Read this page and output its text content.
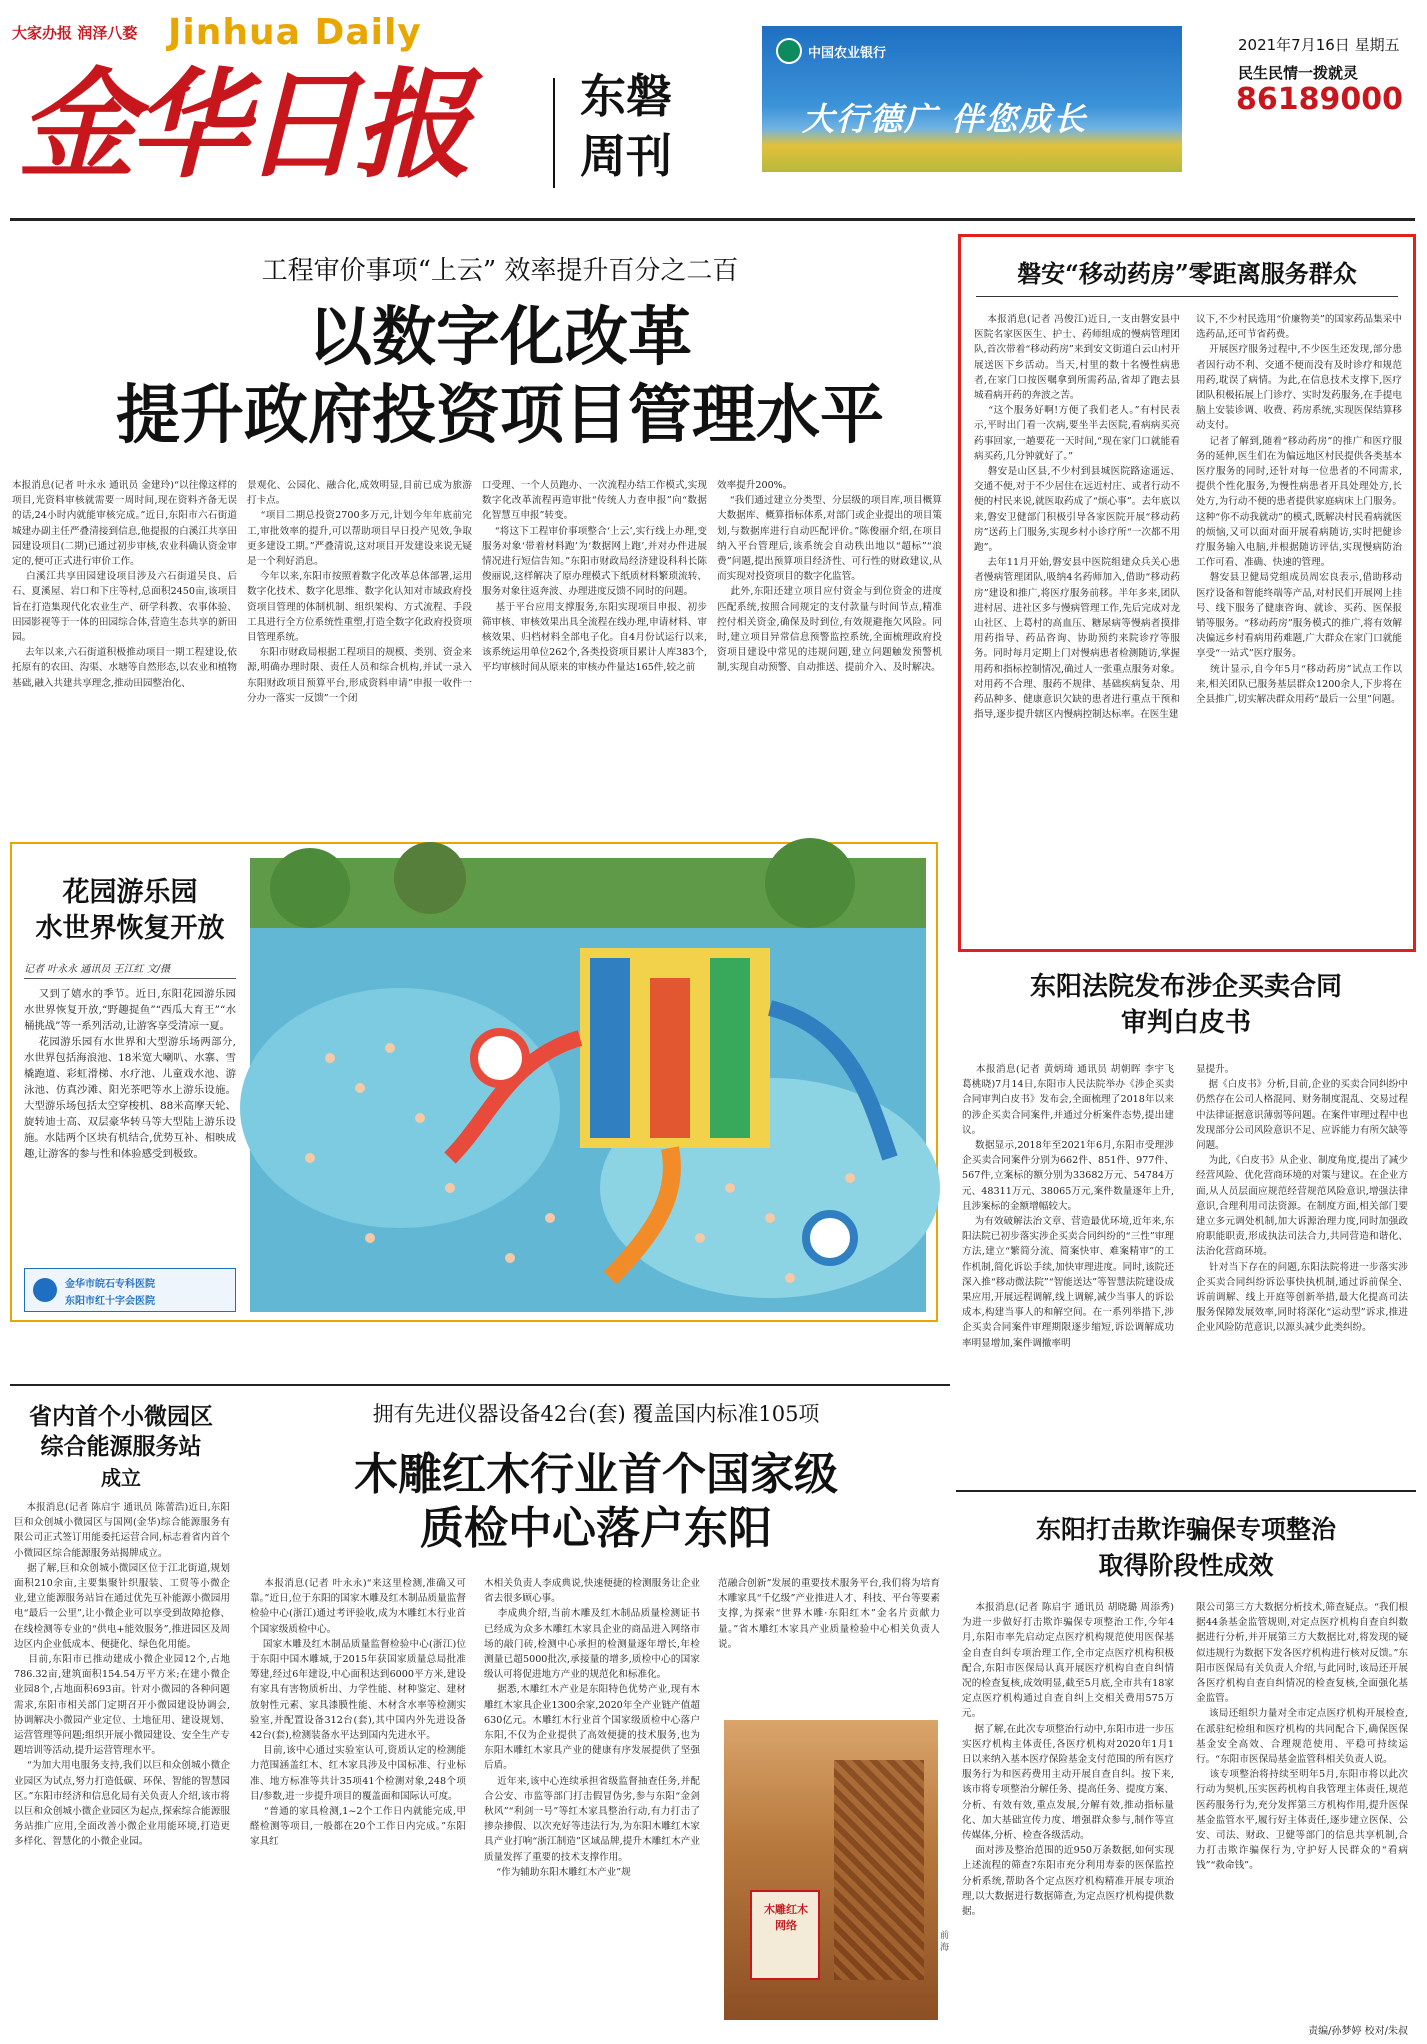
大家办报 润泽八婺 Jinhua Daily
金华日报 东磐
周刊
中国农业银行
大行德广 伴您成长
2021年7月16日 星期五
民生民情一拨就灵
86189000
工程审价事项“上云” 效率提升百分之二百
以数字化改革
提升政府投资项目管理水平
本报消息(记者 叶永永 通讯员 金建玲)“以往像这样的项目,光资料审核就需要一周时间,现在资料齐备无误的话,24小时内就能审核完成。”近日,东阳市六石街道城建办副主任严叠清接到信息,他提报的白溪江共享田园建设项目(二期)已通过初步审核,农业科确认资金审定的,便可正式进行审价工作。
白溪江共享田园建设项目涉及六石街道吴良、后石、夏溪屋、岩口和下庄等村,总面积2450亩,该项目旨在打造集现代化农业生产、研学科教、农事体验、田园影视等于一体的田园综合体,营造生态共享的新田园。
去年以来,六石街道积极推动项目一期工程建设,依托原有的农田、沟渠、水塘等自然形态,以农业和植物基础,融入共建共享理念,推动田园整治化、
景观化、公园化、融合化,成效明显,目前已成为旅游打卡点。
“项目二期总投资2700多万元,计划今年年底前完工,审批效率的提升,可以帮助项目早日投产见效,争取更多建设工期。”严叠清说,这对项目开发建设来说无疑是一个利好消息。
今年以来,东阳市按照着数字化改革总体部署,运用数字化技术、数字化思维、数字化认知对市域政府投资项目管理的体制机制、组织架构、方式流程、手段工具进行全方位系统性重塑,打造全数字化政府投资项目管理系统。
东阳市财政局根据工程项目的规模、类别、资金来源,明确办理时限、责任人员和综合机构,并试一录入东阳财政项目预算平台,形成资料申请”申报一收件一分办一落实一反馈”一个闭
口受理、一个人员跑办、一次流程办结工作模式,实现数字化改革流程再造审批“传统人力查申报”向“数据化智慧互申报”转变。
“将这下工程审价事项整合‘上云’,实行线上办理,变服务对象‘带着材料跑’为‘数据网上跑’,并对办件进展情况进行短信告知。”东阳市财政局经济建设科科长陈俊丽说,这样解决了原办理模式下纸质材料繁琐流转、服务对象往返奔波、办理进度反馈不同时的问题。
基于平台应用支撑服务,东阳实现项目申报、初步筛审核、审核效果出具全流程在线办理,申请材料、审核效果、归档材料全部电子化。自4月份试运行以来,该系统运用单位262个,各类投资项目累计人库383个,平均审核时间从原来的审核办件量达165件,较之前
效率提升200%。
“我们通过建立分类型、分层级的项目库,项目概算大数据库、概算指标体系,对部门或企业提出的项目策划,与数据库进行自动匹配评价。”陈俊丽介绍,在项目纳入平台管理后,该系统会自动秩出地以“超标”“浪费”问题,提出预算项目经济性、可行性的财政建议,从而实现对投资项目的数字化监管。
此外,东阳还建立项目应付资金与到位资金的进度匹配系统,按照合同规定的支付款量与时间节点,精准控付相关资金,确保及时到位,有效规避拖欠风险。同时,建立项目异常信息预警监控系统,全面梳理政府投资项目建设中常见的违规问题,建立问题触发预警机制,实现自动预警、自动推送、提前介入、及时解决。
花园游乐园
水世界恢复开放
记者 叶永永 通讯员 王江红 文/摄
又到了嬉水的季节。近日,东阳花园游乐园水世界恢复开放,“野趣捉鱼”“西瓜大育王”“水桶挑战”等一系列活动,让游客享受清凉一夏。
花园游乐园有水世界和大型游乐场两部分,水世界包括海浪池、18米宽大喇叭、水寨、雪橇跑道、彩虹滑梯、水疗池、儿童戏水池、游泳池、仿真沙滩、阳光茶吧等水上游乐设施。大型游乐场包括太空穿梭机、88米高摩天轮、旋转迪士高、双层豪华转马等大型陆上游乐设施。水陆两个区块有机结合,优势互补、相映成趣,让游客的参与性和体验感受到极致。
金华市皖石专科医院
东阳市红十字会医院
磐安“移动药房”零距离服务群众
本报消息(记者 冯俊江)近日,一支由磐安县中医院名家医医生、护士、药师组成的慢病管理团队,首次带着“移动药房”来到安文街道白云山村开展送医下乡活动。当天,村里的数十名慢性病患者,在家门口按医嘱拿到所需药品,省却了跑去县城看病开药的奔波之苦。
“这个服务好啊!方便了我们老人。”有村民表示,平时出门看一次病,要坐半去医院,看病病买亮药事回家,一趟要花一天时间,“现在家门口就能看病买药,几分钟就好了。”
磐安是山区县,不少村到县城医院路途遥远、交通不便,对于不少居住在远近村庄、或者行动不便的村民来说,就医取药成了“烦心事”。去年底以来,磐安卫健部门积极引导各家医院开展“移动药房”送药上门服务,实现乡村小诊疗所“一次都不用跑”。
去年11月开始,磐安县中医院组建众兵关心患者慢病管理团队,吸纳4名药师加入,借助“移动药房”建设和推广,将医疗服务前移。半年多来,团队进村居、进社区多与慢病管理工作,先后完成对龙山社区、上葛村的高血压、糖尿病等慢病者摸排用药指导、药品咨询、协助预约来院诊疗等服务。同时每月定期上门对慢病患者检测随访,掌握用药和指标控制情况,确过人一张重点服务对象。对用药不合理、服药不规律、基础疾病复杂、用药品种多、健康意识欠缺的患者进行重点干预和指导,逐步提升辖区内慢病控制达标率。在医生建
议下,不少村民选用“价廉物美”的国家药品集采中选药品,还可节省药费。
开展医疗服务过程中,不少医生还发现,部分患者因行动不利、交通不便而没有及时诊疗和规范用药,耽误了病情。为此,在信息技术支撑下,医疗团队积极拓展上门诊疗、实时发药服务,在手提电脑上安装诊调、收费、药房系统,实现医保结算移动支付。
记者了解到,随着“移动药房”的推广和医疗服务的延伸,医生们在为偏远地区村民提供各类基本医疗服务的同时,还针对每一位患者的不同需求,提供个性化服务,为慢性病患者开具处理处方,长处方,为行动不便的患者提供家庭病床上门服务。这种“你不动我就动”的模式,既解决村民看病就医的烦恼,又可以面对面开展看病随访,实时把健诊疗服务输入电脑,并根据随访评估,实现慢病防治工作可看、准确、快速的管理。
磐安县卫健局党组成员周宏良表示,借助移动医疗设备和智能终端等产品,对村民们开展网上挂号、线下服务了健康咨询、就诊、买药、医保报销等服务。“移动药房”服务模式的推广,将有效解决偏远乡村看病用药难题,广大群众在家门口就能享受“一站式”医疗服务。
统计显示,自今年5月“移动药房”试点工作以来,相关团队已服务基层群众1200余人,下步将在全县推广,切实解决群众用药“最后一公里”问题。
东阳法院发布涉企买卖合同
审判白皮书
本报消息(记者 黄炳琦 通讯员 胡朝晖 李宇飞 葛桃晓)7月14日,东阳市人民法院举办《涉企买卖合同审判白皮书》发布会,全面梳理了2018年以来的涉企买卖合同案件,并通过分析案件态势,提出建议。
数据显示,2018年至2021年6月,东阳市受理涉企买卖合同案件分别为662件、851件、977件、567件,立案标的额分别为33682万元、54784万元、48311万元、38065万元,案件数量逐年上升,且涉案标的金额增幅较大。
为有效破解法治文章、营造最优环境,近年来,东阳法院已初步落实涉企买卖合同纠纷的“三性”审理方法,建立“繁简分流、简案快审、难案精审”的工作机制,简化诉讼手续,加快审理进度。同时,该院还深入推“移动微法院”“智能送达”等智慧法院建设成果应用,开展远程调解,线上调解,减少当事人的诉讼成本,构建当事人的和解空间。在一系列举措下,涉企买卖合同案件审理期限逐步缩短,诉讼调解成功率明显增加,案件调撤率明
显提升。
据《白皮书》分析,目前,企业的买卖合同纠纷中仍然存在公司人格混同、财务制度混乱、交易过程中法律证据意识薄弱等问题。在案件审理过程中也发现部分公司风险意识不足、应诉能力有所欠缺等问题。
为此,《白皮书》从企业、制度角度,提出了减少经营风险、优化营商环境的对策与建议。在企业方面,从人员层面应规范经营规范风险意识,增强法律意识,合理利用司法资源。在制度方面,相关部门要建立多元调处机制,加大诉源治理力度,同时加强政府职能职责,形成执法司法合力,共同营造和谐化、法治化营商环境。
针对当下存在的问题,东阳法院将进一步落实涉企买卖合同纠纷诉讼事快执机制,通过诉前保全、诉前调解、线上开庭等创新举措,最大化提高司法服务保障发展效率,同时将深化“运动型”诉求,推进企业风险防范意识,以源头减少此类纠纷。
省内首个小微园区
综合能源服务站
成立
本报消息(记者 陈启宇 通讯员 陈蕾浩)近日,东阳巨和众创城小微园区与国网(金华)综合能源服务有限公司正式签订用能委托运营合同,标志着省内首个小微园区综合能源服务站揭牌成立。
据了解,巨和众创城小微园区位于江北街道,规划面积210余亩,主要集聚针织服装、工贸等小微企业,建立能源服务站旨在通过优先互补能源小微园用电“最后一公里”,让小微企业可以享受到故障抢修、在线检测等专业的“供电+能效服务”,推进园区及周边区内企业低成本、便捷化、绿色化用能。
目前,东阳市已推动建成小微企业园12个,占地786.32亩,建筑面积154.54万平方米;在建小微企业园8个,占地面积693亩。针对小微园的各种问题需求,东阳市相关部门定期召开小微园建设协调会,协调解决小微园产业定位、土地征用、建设规划、运营管理等问题;组织开展小微园建设、安全生产专题培训等活动,提升运营管理水平。
“为加大用电服务支持,我们以巨和众创城小微企业园区为试点,努力打造低碳、环保、智能的智慧园区。”东阳市经济和信息化局有关负责人介绍,该市将以巨和众创城小微企业园区为起点,探索综合能源服务站推广应用,全面改善小微企业用能环境,打造更多样化、智慧化的小微企业园。
拥有先进仪器设备42台(套) 覆盖国内标准105项
木雕红木行业首个国家级
质检中心落户东阳
本报消息(记者 叶永永)“来这里检测,准确又可靠。”近日,位于东阳的国家木雕及红木制品质量监督检验中心(浙江)通过考评验收,成为木雕红木行业首个国家级质检中心。
国家木雕及红木制品质量监督检验中心(浙江)位于东阳中国木雕城,于2015年获国家质量总局批准筹建,经过6年建设,中心面积达到6000平方米,建设有家具有害物质析出、力学性能、材种鉴定、建材放射性元素、家具漆膜性能、木材含水率等检测实验室,并配置设备312台(套),其中国内外先进设备42台(套),检测装备水平达到国内先进水平。
目前,该中心通过实验室认可,资质认定的检测能力范围涵盖红木、红木家具涉及中国标准、行业标准、地方标准等共计35项41个检测对象,248个项目/参数,进一步提升项目的覆盖面和国际认可度。
“普通的家具检测,1~2个工作日内就能完成,甲醛检测等项目,一般都在20个工作日内完成。”东阳家具红
木相关负责人李成典说,快速便捷的检测服务让企业省去很多顾心事。
李成典介绍,当前木雕及红木制品质量检测证书已经成为众多木雕红木家具企业的商品进入网络市场的敲门砖,检测中心承担的检测量逐年增长,年检测量已超5000批次,承接量的增多,质检中心的国家级认可将促进地方产业的规范化和标准化。
据悉,木雕红木产业是东阳特色优势产业,现有木雕红木家具企业1300余家,2020年全产业链产值超630亿元。木雕红木行业首个国家级质检中心落户东阳,不仅为企业提供了高效便捷的技术服务,也为东阳木雕红木家具产业的健康有序发展提供了坚强后盾。
近年来,该中心连续承担省级监督抽查任务,并配合公安、市监等部门打击假冒伪劣,参与东阳“金剑秋风”“利剑一号”等红木家具整治行动,有力打击了掺杂掺假、以次充好等违法行为,为东阳木雕红木家具产业打响“浙江制造”区域品牌,提升木雕红木产业质量发挥了重要的技术支撑作用。
“作为辅助东阳木雕红木产业”规
范融合创新”发展的重要技术服务平台,我们将为培育木雕家具“千亿级”产业推进人才、科技、平台等要素支撑,为探索“世界木雕·东阳红木”金名片贡献力量。”省木雕红木家具产业质量检验中心相关负责人说。
木雕红木
网络
前 海
东阳打击欺诈骗保专项整治
取得阶段性成效
本报消息(记者 陈启宇 通讯员 胡晓璐 周添秀)为进一步做好打击欺诈骗保专项整治工作,今年4月,东阳市率先启动定点医疗机构规范使用医保基金自查自纠专项治理工作,全市定点医疗机构积极配合,东阳市医保局认真开展医疗机构自查自纠情况的检查复核,成效明显,截至5月底,全市共有18家定点医疗机构通过自查自纠上交相关费用575万元。
据了解,在此次专项整治行动中,东阳市进一步压实医疗机构主体责任,各医疗机构对2020年1月1日以来纳入基本医疗保险基金支付范围的所有医疗服务行为和医药费用主动开展自查自纠。按下来,该市将专项整治分解任务、提高任务、提度方案、分析、有效有效,重点发展,分解有效,推动指标量化、加大基础宣传力度、增强群众参与,制作等宣传媒体,分析、检查各级活动。
面对涉及整治范围的近950万条数据,如何实现上述流程的筛查?东阳市充分利用寿泰的医保监控分析系统,帮助各个定点医疗机构精准开展专项治理,以大数据进行数据筛查,为定点医疗机构提供数据。
限公司第三方大数据分析技术,筛查疑点。“我们根据44条基金监管规则,对定点医疗机构自查自纠数据进行分析,并开展第三方大数据比对,将发现的疑似违规行为数据下发各医疗机构进行核对反馈。”东阳市医保局有关负责人介绍,与此同时,该局还开展各医疗机构自查自纠情况的检查复核,全面强化基金监管。
该局还组织力量对全市定点医疗机构开展检查,在派驻纪检组和医疗机构的共同配合下,确保医保基金安全高效、合理规范使用、平稳可持续运行。“东阳市医保局基金监管科相关负责人说。
该专项整治将持续至明年5月,东阳市将以此次行动为契机,压实医药机构自我管理主体责任,规范医药服务行为,充分发挥第三方机构作用,提升医保基金监管水平,履行好主体责任,逐步建立医保、公安、司法、财政、卫健等部门的信息共享机制,合力打击欺诈骗保行为,守护好人民群众的“看病钱”“救命钱”。
责编/孙梦婷 校对/朱叔
